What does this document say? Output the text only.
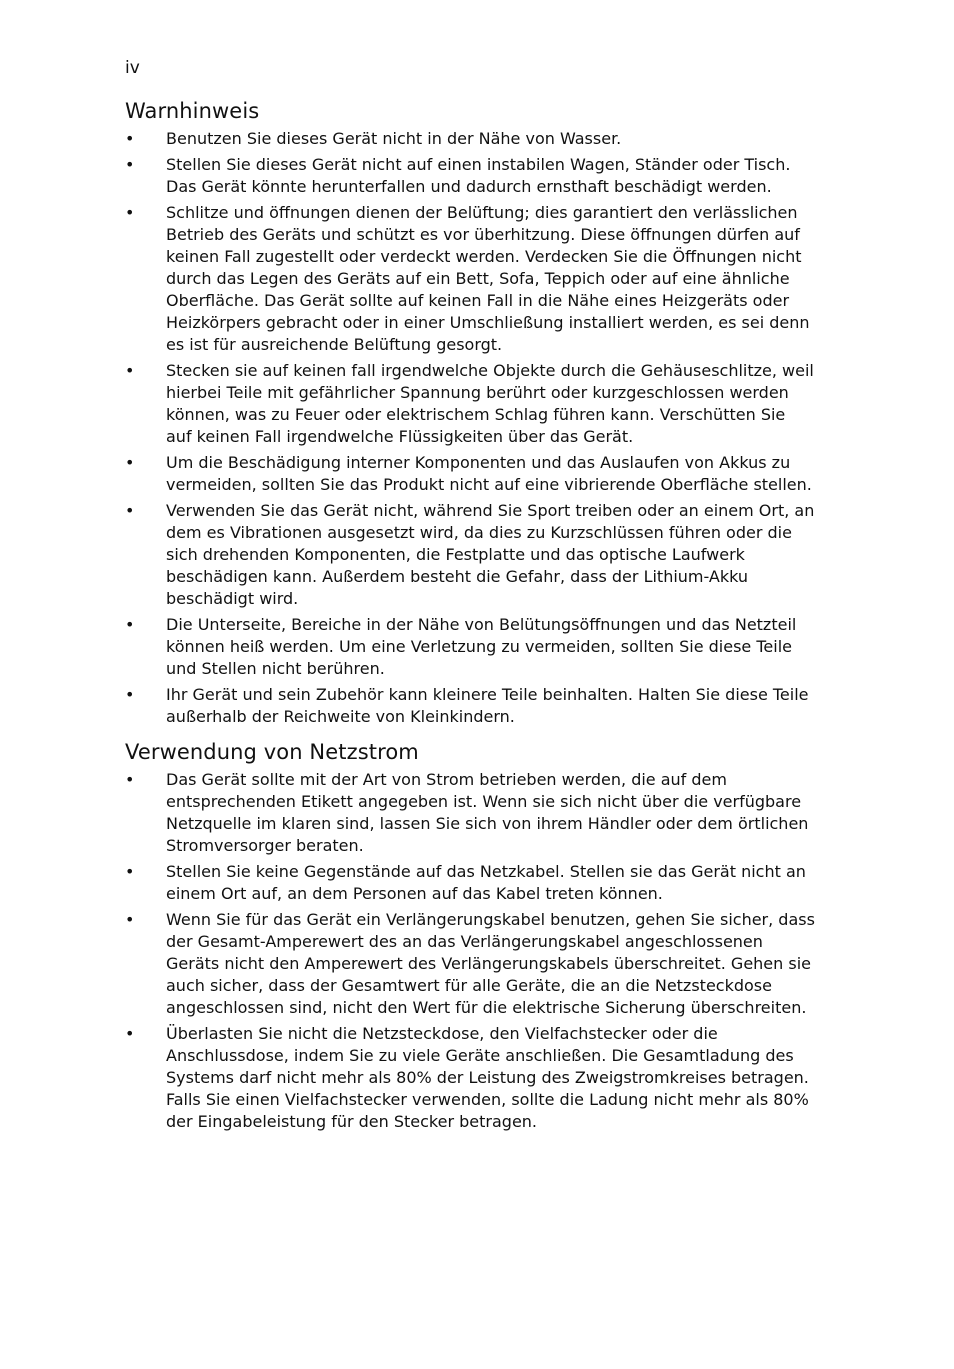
iv
Warnhinweis
• Benutzen Sie dieses Gerät nicht in der Nähe von Wasser.
• Stellen Sie dieses Gerät nicht auf einen instabilen Wagen, Ständer oder Tisch. Das Gerät könnte herunterfallen und dadurch ernsthaft beschädigt werden.
• Schlitze und öffnungen dienen der Belüftung; dies garantiert den verlässlichen Betrieb des Geräts und schützt es vor überhitzung. Diese öffnungen dürfen auf keinen Fall zugestellt oder verdeckt werden. Verdecken Sie die Öffnungen nicht durch das Legen des Geräts auf ein Bett, Sofa, Teppich oder auf eine ähnliche Oberfläche. Das Gerät sollte auf keinen Fall in die Nähe eines Heizgeräts oder Heizkörpers gebracht oder in einer Umschließung installiert werden, es sei denn es ist für ausreichende Belüftung gesorgt.
• Stecken sie auf keinen fall irgendwelche Objekte durch die Gehäuseschlitze, weil hierbei Teile mit gefährlicher Spannung berührt oder kurzgeschlossen werden können, was zu Feuer oder elektrischem Schlag führen kann. Verschütten Sie auf keinen Fall irgendwelche Flüssigkeiten über das Gerät.
• Um die Beschädigung interner Komponenten und das Auslaufen von Akkus zu vermeiden, sollten Sie das Produkt nicht auf eine vibrierende Oberfläche stellen.
• Verwenden Sie das Gerät nicht, während Sie Sport treiben oder an einem Ort, an dem es Vibrationen ausgesetzt wird, da dies zu Kurzschlüssen führen oder die sich drehenden Komponenten, die Festplatte und das optische Laufwerk beschädigen kann. Außerdem besteht die Gefahr, dass der Lithium-Akku beschädigt wird.
• Die Unterseite, Bereiche in der Nähe von Belütungsöffnungen und das Netzteil können heiß werden. Um eine Verletzung zu vermeiden, sollten Sie diese Teile und Stellen nicht berühren.
• Ihr Gerät und sein Zubehör kann kleinere Teile beinhalten. Halten Sie diese Teile außerhalb der Reichweite von Kleinkindern.
Verwendung von Netzstrom
• Das Gerät sollte mit der Art von Strom betrieben werden, die auf dem entsprechenden Etikett angegeben ist. Wenn sie sich nicht über die verfügbare Netzquelle im klaren sind, lassen Sie sich von ihrem Händler oder dem örtlichen Stromversorger beraten.
• Stellen Sie keine Gegenstände auf das Netzkabel. Stellen sie das Gerät nicht an einem Ort auf, an dem Personen auf das Kabel treten können.
• Wenn Sie für das Gerät ein Verlängerungskabel benutzen, gehen Sie sicher, dass der Gesamt-Amperewert des an das Verlängerungskabel angeschlossenen Geräts nicht den Amperewert des Verlängerungskabels überschreitet. Gehen sie auch sicher, dass der Gesamtwert für alle Geräte, die an die Netzsteckdose angeschlossen sind, nicht den Wert für die elektrische Sicherung überschreiten.
• Überlasten Sie nicht die Netzsteckdose, den Vielfachstecker oder die Anschlussdose, indem Sie zu viele Geräte anschließen. Die Gesamtladung des Systems darf nicht mehr als 80% der Leistung des Zweigstromkreises betragen. Falls Sie einen Vielfachstecker verwenden, sollte die Ladung nicht mehr als 80% der Eingabeleistung für den Stecker betragen.
